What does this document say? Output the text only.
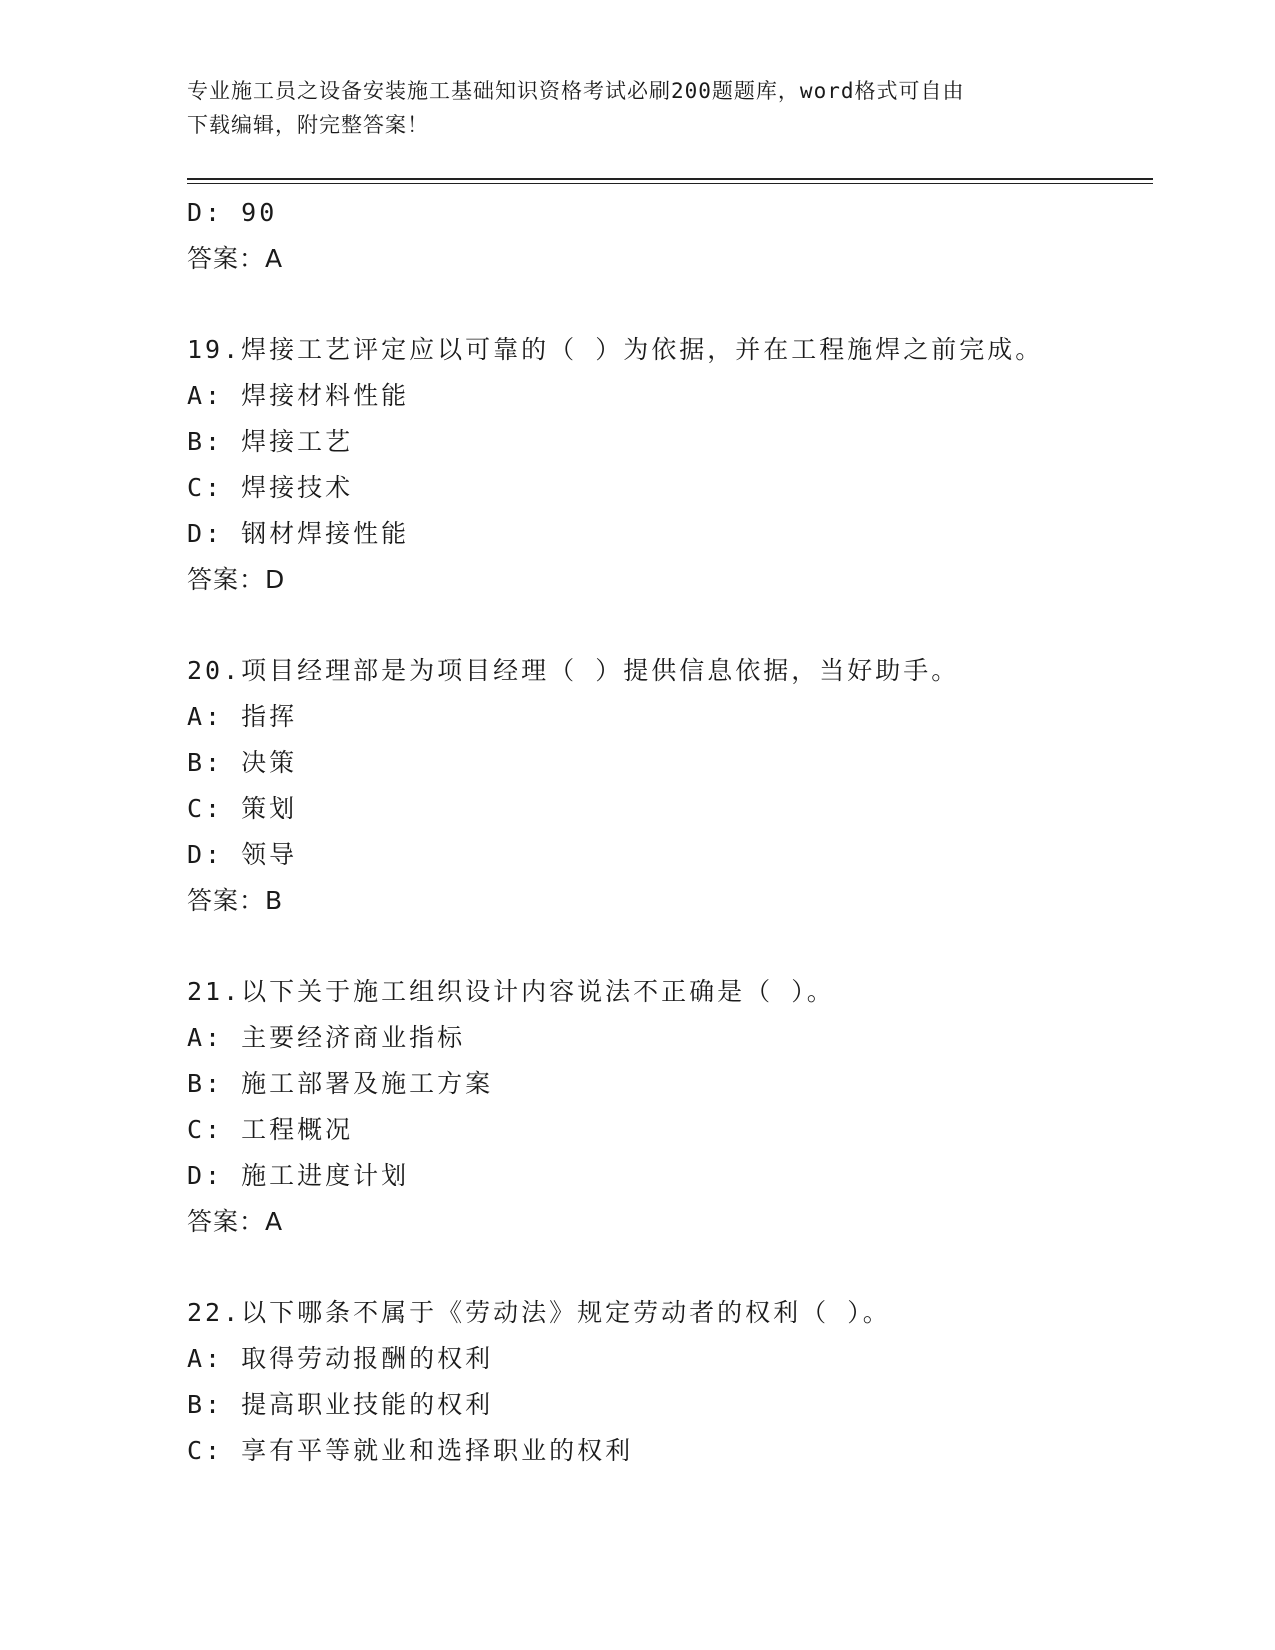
专业施工员之设备安装施工基础知识资格考试必刷200题题库，word格式可自由
下载编辑，附完整答案！
D: 90
答案：A
19.焊接工艺评定应以可靠的（ ）为依据，并在工程施焊之前完成。
A: 焊接材料性能
B: 焊接工艺
C: 焊接技术
D: 钢材焊接性能
答案：D
20.项目经理部是为项目经理（ ）提供信息依据，当好助手。
A: 指挥
B: 决策
C: 策划
D: 领导
答案：B
21.以下关于施工组织设计内容说法不正确是（ ）。
A: 主要经济商业指标
B: 施工部署及施工方案
C: 工程概况
D: 施工进度计划
答案：A
22.以下哪条不属于《劳动法》规定劳动者的权利（ ）。
A: 取得劳动报酬的权利
B: 提高职业技能的权利
C: 享有平等就业和选择职业的权利
